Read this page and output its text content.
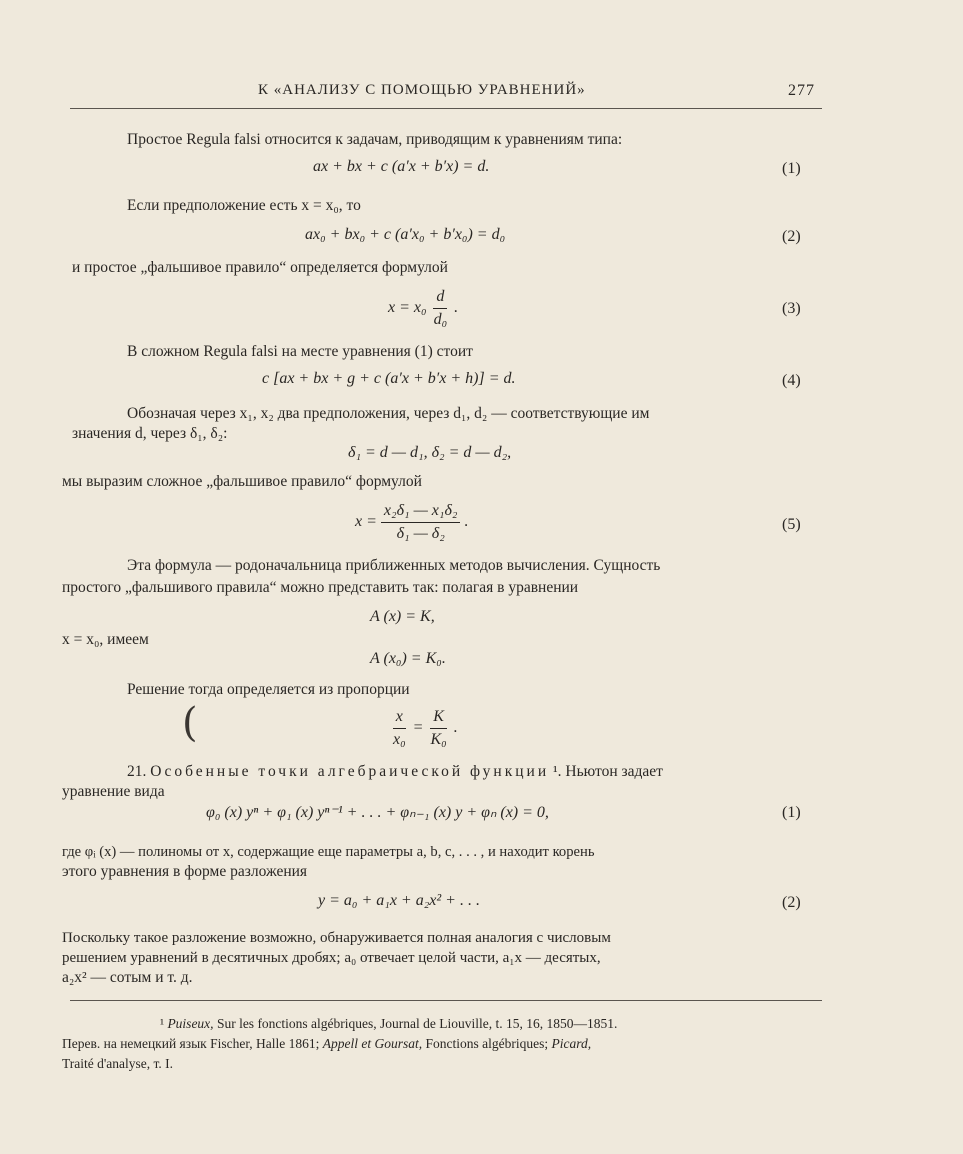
К «АНАЛИЗУ С ПОМОЩЬЮ УРАВНЕНИЙ»	277
Простое Regula falsi относится к задачам, приводящим к уравнениям типа:
ax + bx + c (a′x + b′x) = d.	(1)
Если предположение есть x = x₀, то
ax₀ + bx₀ + c (a′x₀ + b′x₀) = d₀	(2)
и простое „фальшивое правило“ определяется формулой
$x = x_0 \frac{d}{\text{d₀}}$ .	(3)
В сложном Regula falsi на месте уравнения (1) стоит
c [ax + bx + g + c (a′x + b′x + h)] = d.	(4)
Обозначая через x₁, x₂ два предположения, через d₁, d₂ — соответствующие им
значения d, через δ₁, δ₂:
δ₁ = d — d₁, δ₂ = d — d₂,
мы выразим сложное „фальшивое правило“ формулой
$x = \frac{\text{x₂δ₁ — x₁δ₂}}{\text{δ₁ — δ₂}}$ .	(5)
Эта формула — родоначальница приближенных методов вычисления. Сущность
простого „фальшивого правила“ можно представить так: полагая в уравнении
A (x) = K,
x = x₀, имеем
A (x₀) = K₀.
Решение тогда определяется из пропорции
(	$\frac{x}{\text{x₀}} = \frac{K}{\text{K₀}}$ .
21. Особенные точки алгебраической функции ¹. Ньютон задает
уравнение вида
φ₀ (x) yⁿ + φ₁ (x) yⁿ⁻¹ + . . . + φₙ₋₁ (x) y + φₙ (x) = 0,	(1)
где φᵢ (x) — полиномы от x, содержащие еще параметры a, b, c, . . . , и находит корень
этого уравнения в форме разложения
y = a₀ + a₁x + a₂x² + . . .	(2)
Поскольку такое разложение возможно, обнаруживается полная аналогия с числовым
решением уравнений в десятичных дробях; a₀ отвечает целой части, a₁x — десятых,
a₂x² — сотым и т. д.
¹ Puiseux, Sur les fonctions algébriques, Journal de Liouville, t. 15, 16, 1850—1851.
Перев. на немецкий язык Fischer, Halle 1861; Appell et Goursat, Fonctions algébriques; Picard,
Traité d'analyse, т. I.
